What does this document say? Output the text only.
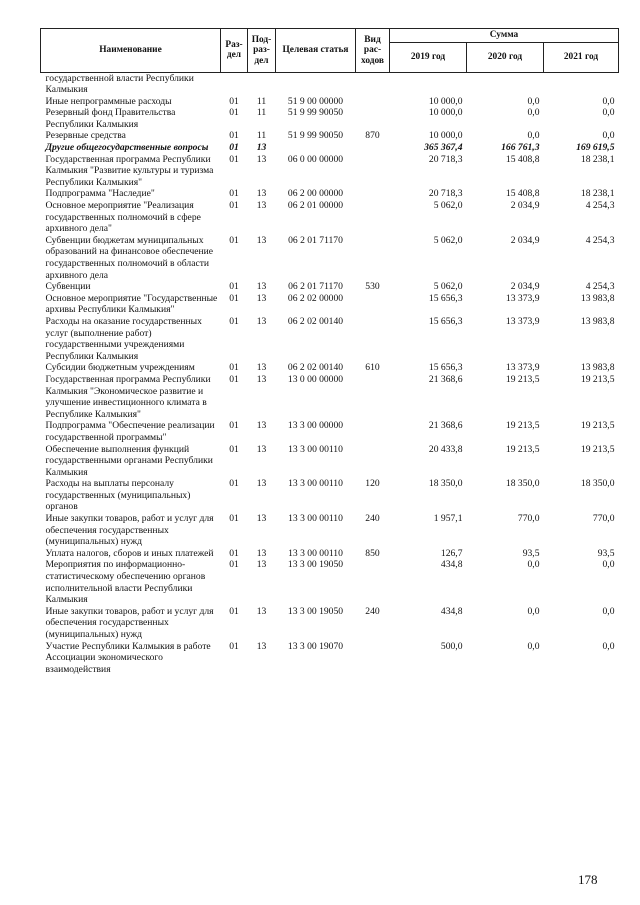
Наименование	Раз-дел	Под-раз-дел	Целевая статья	Вид рас-ходов	Сумма		
					2019 год	2020 год	2021 год
государственной власти Республики Калмыкия							
Иные непрограммные расходы	01	11	51 9 00 00000		10 000,0	0,0	0,0
Резервный фонд Правительства Республики Калмыкия	01	11	51 9 99 90050		10 000,0	0,0	0,0
Резервные средства	01	11	51 9 99 90050	870	10 000,0	0,0	0,0
Другие общегосударственные вопросы	01	13			365 367,4	166 761,3	169 619,5
Государственная программа Республики Калмыкия "Развитие культуры и туризма Республики Калмыкия"	01	13	06 0 00 00000		20 718,3	15 408,8	18 238,1
Подпрограмма "Наследие"	01	13	06 2 00 00000		20 718,3	15 408,8	18 238,1
Основное мероприятие "Реализация государственных полномочий в сфере архивного дела"	01	13	06 2 01 00000		5 062,0	2 034,9	4 254,3
Субвенции бюджетам муниципальных образований на финансовое обеспечение государственных полномочий в области архивного дела	01	13	06 2 01 71170		5 062,0	2 034,9	4 254,3
Субвенции	01	13	06 2 01 71170	530	5 062,0	2 034,9	4 254,3
Основное мероприятие "Государственные архивы Республики Калмыкия"	01	13	06 2 02 00000		15 656,3	13 373,9	13 983,8
Расходы на оказание государственных услуг (выполнение работ) государственными учреждениями Республики Калмыкия	01	13	06 2 02 00140		15 656,3	13 373,9	13 983,8
Субсидии бюджетным учреждениям	01	13	06 2 02 00140	610	15 656,3	13 373,9	13 983,8
Государственная программа Республики Калмыкия "Экономическое развитие и улучшение инвестиционного климата в Республике Калмыкия"	01	13	13 0 00 00000		21 368,6	19 213,5	19 213,5
Подпрограмма "Обеспечение реализации государственной программы"	01	13	13 3 00 00000		21 368,6	19 213,5	19 213,5
Обеспечение выполнения функций государственными органами Республики Калмыкия	01	13	13 3 00 00110		20 433,8	19 213,5	19 213,5
Расходы на выплаты персоналу государственных (муниципальных) органов	01	13	13 3 00 00110	120	18 350,0	18 350,0	18 350,0
Иные закупки товаров, работ и услуг для обеспечения государственных (муниципальных) нужд	01	13	13 3 00 00110	240	1 957,1	770,0	770,0
Уплата налогов, сборов и иных платежей	01	13	13 3 00 00110	850	126,7	93,5	93,5
Мероприятия по информационно-статистическому обеспечению органов исполнительной власти Республики Калмыкия	01	13	13 3 00 19050		434,8	0,0	0,0
Иные закупки товаров, работ и услуг для обеспечения государственных (муниципальных) нужд	01	13	13 3 00 19050	240	434,8	0,0	0,0
Участие Республики Калмыкия в работе Ассоциации экономического взаимодействия	01	13	13 3 00 19070		500,0	0,0	0,0
178
